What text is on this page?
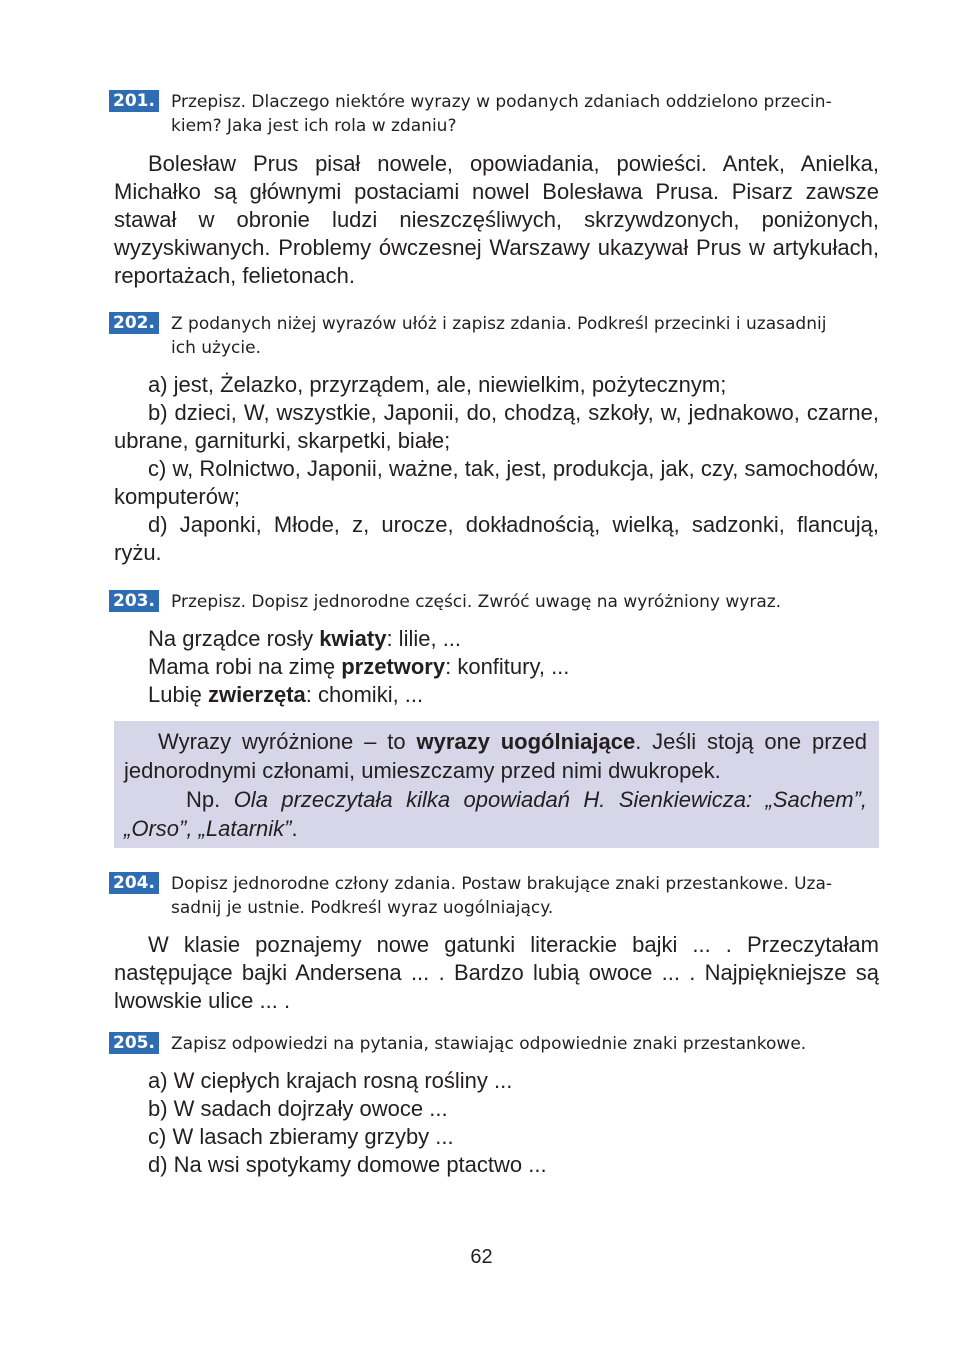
201. Przepisz. Dlaczego niektóre wyrazy w podanych zdaniach oddzielono przecin-
kiem? Jaka jest ich rola w zdaniu?

Bolesław Prus pisał nowele, opowiadania, powieści. Antek, Anielka, Michałko są głównymi postaciami nowel Bolesława Prusa. Pisarz zawsze stawał w obronie ludzi nieszczęśliwych, skrzywdzonych, poniżonych, wyzyskiwanych. Problemy ówczesnej Warszawy ukazywał Prus w artykułach, reportażach, felietonach.

202. Z podanych niżej wyrazów ułóż i zapisz zdania. Podkreśl przecinki i uzasadnij
ich użycie.

a) jest, Żelazko, przyrządem, ale, niewielkim, pożytecznym;

b) dzieci, W, wszystkie, Japonii, do, chodzą, szkoły, w, jednakowo, czarne, ubrane, garniturki, skarpetki, białe;

c) w, Rolnictwo, Japonii, ważne, tak, jest, produkcja, jak, czy, samochodów, komputerów;

d) Japonki, Młode, z, urocze, dokładnością, wielką, sadzonki, flancują, ryżu.

203. Przepisz. Dopisz jednorodne części. Zwróć uwagę na wyróżniony wyraz.
Na grządce rosły kwiaty: lilie, ...
Mama robi na zimę przetwory: konfitury, ...
Lubię zwierzęta: chomiki, ...

Wyrazy wyróżnione – to wyrazy uogólniające. Jeśli stoją one przed jednorodnymi członami, umieszczamy przed nimi dwukropek.

Np. Ola przeczytała kilka opowiadań H. Sienkiewicza: „Sachem”, „Orso”, „Latarnik”.

204. Dopisz jednorodne człony zdania. Postaw brakujące znaki przestankowe. Uza-
sadnij je ustnie. Podkreśl wyraz uogólniający.

W klasie poznajemy nowe gatunki literackie bajki ... . Przeczytałam następujące bajki Andersena ... . Bardzo lubią owoce ... . Najpiękniejsze są lwowskie ulice ... .

205. Zapisz odpowiedzi na pytania, stawiając odpowiednie znaki przestankowe.
a) W ciepłych krajach rosną rośliny ...
b) W sadach dojrzały owoce ...
c) W lasach zbieramy grzyby ...
d) Na wsi spotykamy domowe ptactwo ...
62
